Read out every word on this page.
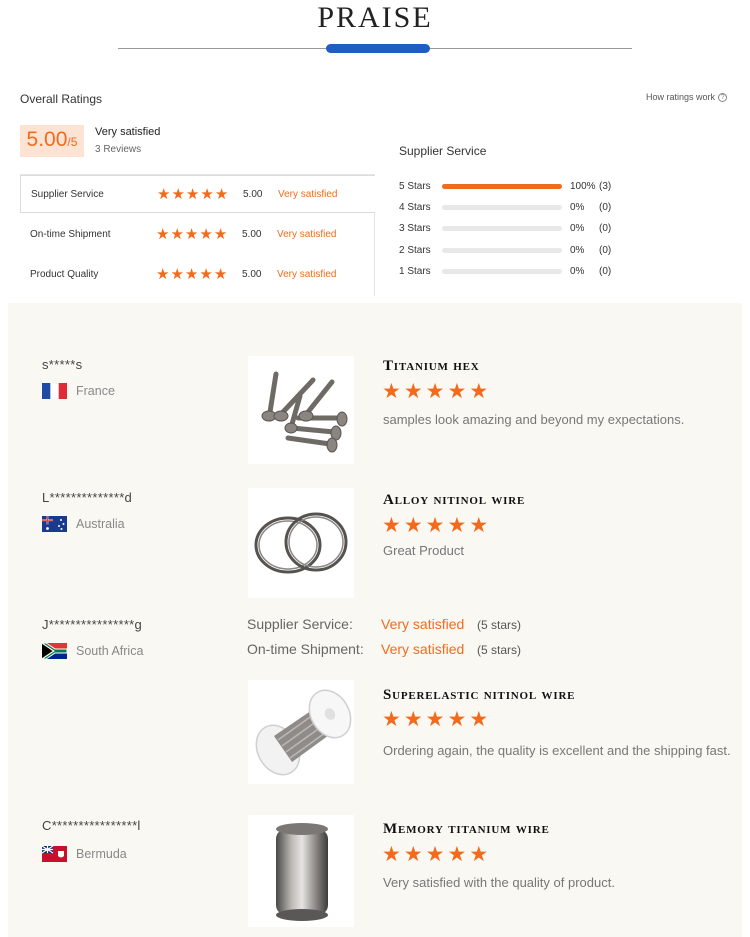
PRAISE
Overall Ratings	How ratings work ?
5.00 /5
Very satisfied
3 Reviews
Supplier Service	★ ★ ★ ★ ★ 5.00 Very satisfied
On-time Shipment	★ ★ ★ ★ ★ 5.00 Very satisfied
Product Quality	★ ★ ★ ★ ★ 5.00 Very satisfied
Supplier Service
5 Stars	100% (3)
4 Stars	0% (0)
3 Stars	0% (0)
2 Stars	0% (0)
1 Stars	0% (0)
s*****s
France
Titanium hex
★ ★ ★ ★ ★
samples look amazing and beyond my expectations.
L**************d
Australia
Alloy nitinol wire
★ ★ ★ ★ ★
Great Product
J****************g
South Africa
Supplier Service: Very satisfied (5 stars)
On-time Shipment: Very satisfied (5 stars)
Superelastic nitinol wire
★ ★ ★ ★ ★
Ordering again, the quality is excellent and the shipping fast.
C****************l
Bermuda
Memory titanium wire
★ ★ ★ ★ ★
Very satisfied with the quality of product.
